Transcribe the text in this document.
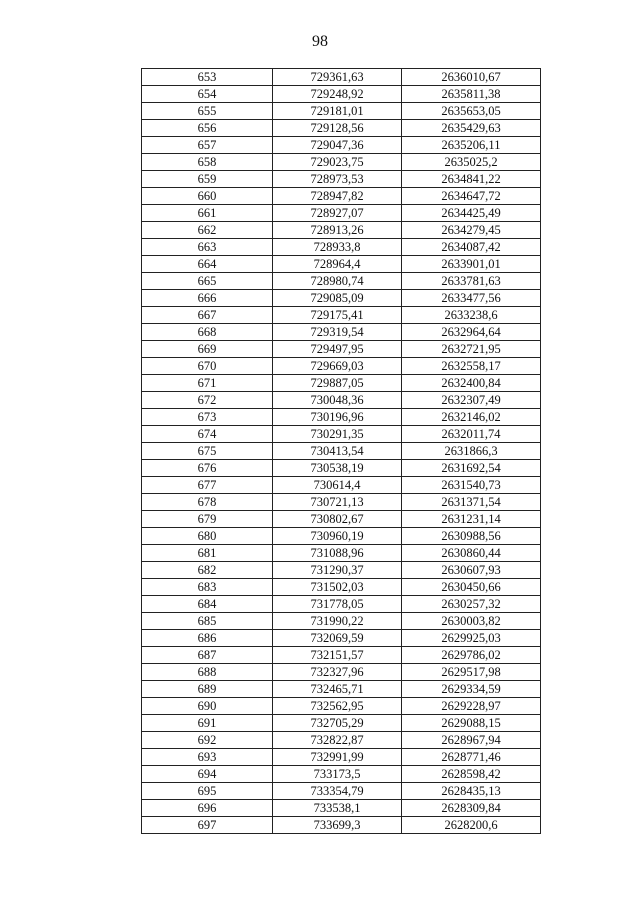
98
653	729361,63	2636010,67
654	729248,92	2635811,38
655	729181,01	2635653,05
656	729128,56	2635429,63
657	729047,36	2635206,11
658	729023,75	2635025,2
659	728973,53	2634841,22
660	728947,82	2634647,72
661	728927,07	2634425,49
662	728913,26	2634279,45
663	728933,8	2634087,42
664	728964,4	2633901,01
665	728980,74	2633781,63
666	729085,09	2633477,56
667	729175,41	2633238,6
668	729319,54	2632964,64
669	729497,95	2632721,95
670	729669,03	2632558,17
671	729887,05	2632400,84
672	730048,36	2632307,49
673	730196,96	2632146,02
674	730291,35	2632011,74
675	730413,54	2631866,3
676	730538,19	2631692,54
677	730614,4	2631540,73
678	730721,13	2631371,54
679	730802,67	2631231,14
680	730960,19	2630988,56
681	731088,96	2630860,44
682	731290,37	2630607,93
683	731502,03	2630450,66
684	731778,05	2630257,32
685	731990,22	2630003,82
686	732069,59	2629925,03
687	732151,57	2629786,02
688	732327,96	2629517,98
689	732465,71	2629334,59
690	732562,95	2629228,97
691	732705,29	2629088,15
692	732822,87	2628967,94
693	732991,99	2628771,46
694	733173,5	2628598,42
695	733354,79	2628435,13
696	733538,1	2628309,84
697	733699,3	2628200,6
